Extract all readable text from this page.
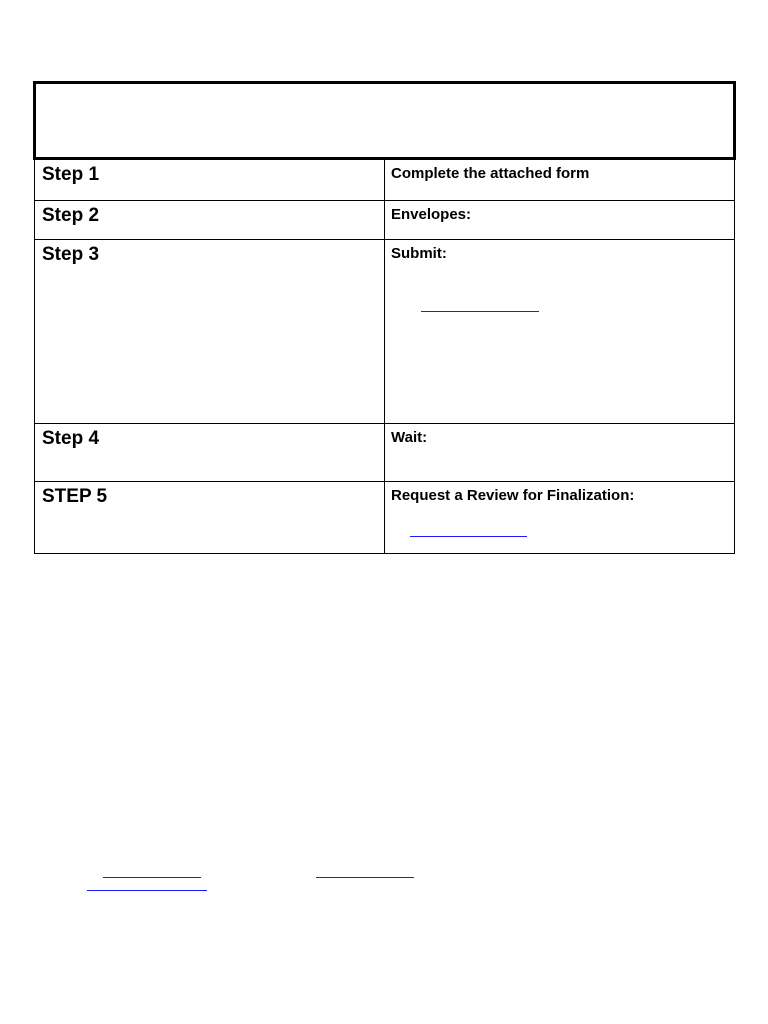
Step 1	Complete the attached form

Step 2	Envelopes:

Step 3	Submit:

Step 4	Wait:

STEP 5	Request a Review for Finalization:
